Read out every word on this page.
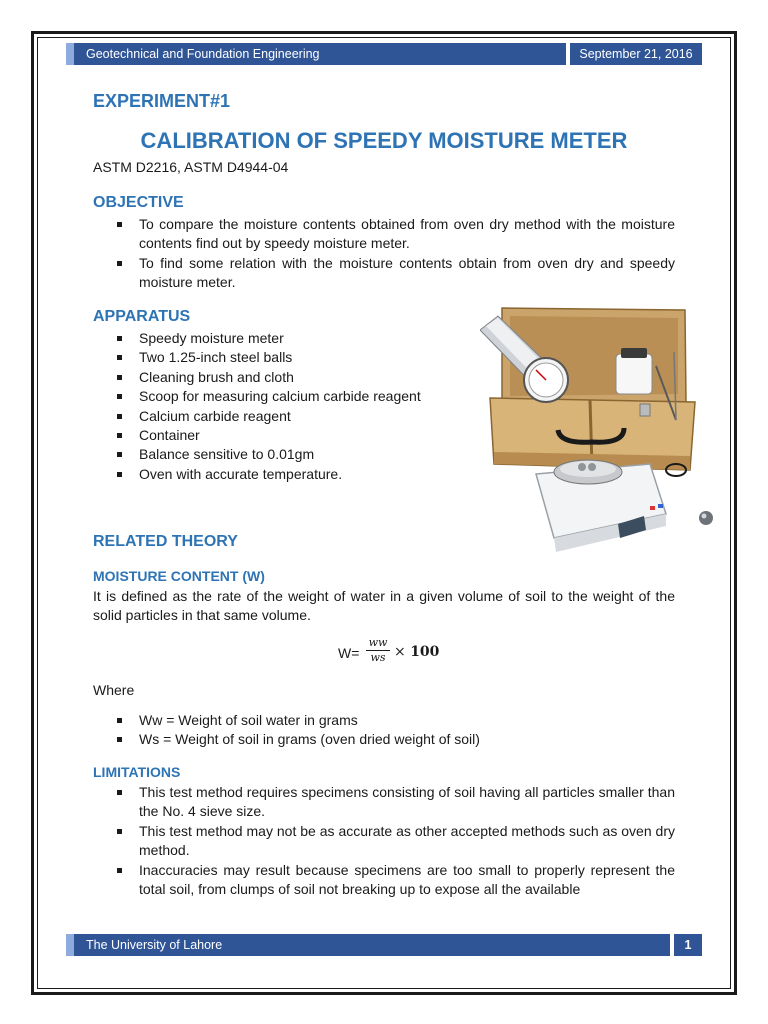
Geotechnical and Foundation Engineering	September 21, 2016
EXPERIMENT#1
CALIBRATION OF SPEEDY MOISTURE METER
ASTM D2216, ASTM D4944-04
OBJECTIVE
To compare the moisture contents obtained from oven dry method with the moisture contents find out by speedy moisture meter.
To find some relation with the moisture contents obtain from oven dry and speedy moisture meter.
APPARATUS
Speedy moisture meter
Two 1.25-inch steel balls
Cleaning brush and cloth
Scoop for measuring calcium carbide reagent
Calcium carbide reagent
Container
Balance sensitive to 0.01gm
Oven with accurate temperature.
RELATED THEORY
MOISTURE CONTENT (W)
It is defined as the rate of the weight of water in a given volume of soil to the weight of the solid particles in that same volume.
$W= \frac{ww}{ws} \times 100$
Where
Ww = Weight of soil water in grams
Ws = Weight of soil in grams (oven dried weight of soil)
LIMITATIONS
This test method requires specimens consisting of soil having all particles smaller than the No. 4 sieve size.
This test method may not be as accurate as other accepted methods such as oven dry method.
Inaccuracies may result because specimens are too small to properly represent the total soil, from clumps of soil not breaking up to expose all the available
The University of Lahore	1
